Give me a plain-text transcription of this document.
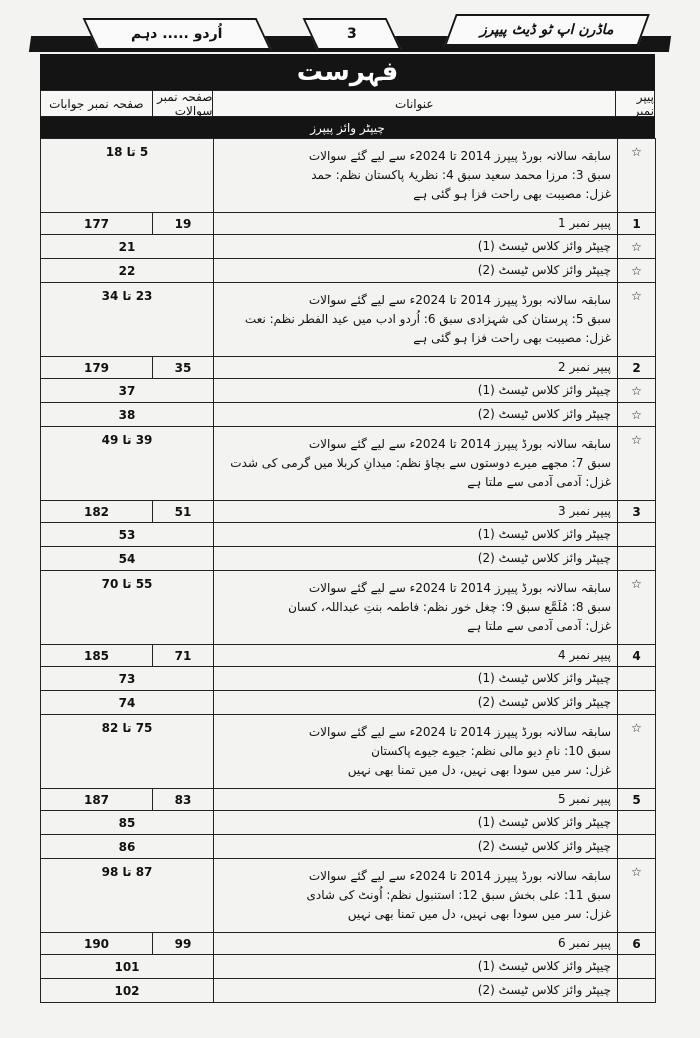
اُردو ..... دہم	3	ماڈرن اپ ٹو ڈیٹ پیپرز
فہرست
صفحہ نمبر جوابات	صفحہ نمبر سوالات	عنوانات	پیپر نمبر
چیپٹر وائز پیپرز
5 تا 18		سابقہ سالانہ بورڈ پیپرز 2014 تا 2024ء سے لیے گئے سوالات
سبق 3: مرزا محمد سعید سبق 4: نظریۂ پاکستان نظم: حمد
غزل: مصیبت بھی راحت فزا ہو گئی ہے	☆
177	19	پیپر نمبر 1	1
21		چیپٹر وائز کلاس ٹیسٹ (1)	☆
22		چیپٹر وائز کلاس ٹیسٹ (2)	☆
23 تا 34		سابقہ سالانہ بورڈ پیپرز 2014 تا 2024ء سے لیے گئے سوالات
سبق 5: پرستان کی شہزادی سبق 6: اُردو ادب میں عید الفطر نظم: نعت
غزل: مصیبت بھی راحت فزا ہو گئی ہے	☆
179	35	پیپر نمبر 2	2
37		چیپٹر وائز کلاس ٹیسٹ (1)	☆
38		چیپٹر وائز کلاس ٹیسٹ (2)	☆
39 تا 49		سابقہ سالانہ بورڈ پیپرز 2014 تا 2024ء سے لیے گئے سوالات
سبق 7: مجھے میرے دوستوں سے بچاؤ نظم: میدانِ کربلا میں گرمی کی شدت
غزل: آدمی آدمی سے ملتا ہے	☆
182	51	پیپر نمبر 3	3
53		چیپٹر وائز کلاس ٹیسٹ (1)	
54		چیپٹر وائز کلاس ٹیسٹ (2)	
55 تا 70		سابقہ سالانہ بورڈ پیپرز 2014 تا 2024ء سے لیے گئے سوالات
سبق 8: مُلَمَّع سبق 9: چغل خور نظم: فاطمہ بنتِ عبداللہ، کسان
غزل: آدمی آدمی سے ملتا ہے	☆
185	71	پیپر نمبر 4	4
73		چیپٹر وائز کلاس ٹیسٹ (1)	
74		چیپٹر وائز کلاس ٹیسٹ (2)	
75 تا 82		سابقہ سالانہ بورڈ پیپرز 2014 تا 2024ء سے لیے گئے سوالات
سبق 10: نامِ دیو مالی نظم: جیوے جیوے پاکستان
غزل: سر میں سودا بھی نہیں، دل میں تمنا بھی نہیں	☆
187	83	پیپر نمبر 5	5
85		چیپٹر وائز کلاس ٹیسٹ (1)	
86		چیپٹر وائز کلاس ٹیسٹ (2)	
87 تا 98		سابقہ سالانہ بورڈ پیپرز 2014 تا 2024ء سے لیے گئے سوالات
سبق 11: علی بخش سبق 12: استنبول نظم: اُونٹ کی شادی
غزل: سر میں سودا بھی نہیں، دل میں تمنا بھی نہیں	☆
190	99	پیپر نمبر 6	6
101		چیپٹر وائز کلاس ٹیسٹ (1)	
102		چیپٹر وائز کلاس ٹیسٹ (2)	
